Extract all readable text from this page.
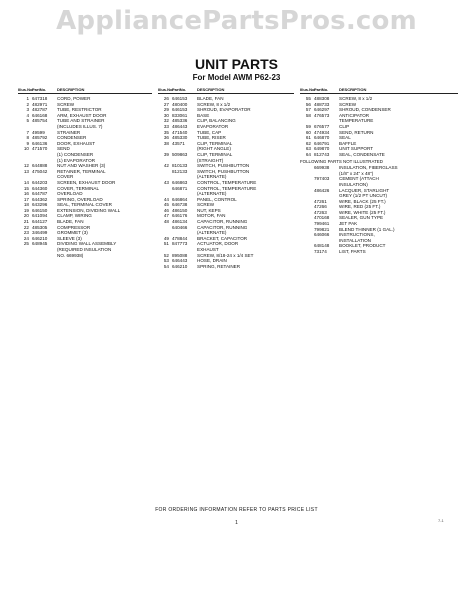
AppliancePartsPros.com
UNIT PARTS
For Model AWM P62-23
Illus.No.
PartNo.	DESCRIPTION
1 647318	CORD, POWER
2 482971	SCREW
3 482787	TUBE, RESTRICTOR
4 646168	ARM, EXHAUST DOOR
5 485754	TUBE AND STRAINER
(INCLUDES ILLUS. 7)
7 49599	STRAINER
8 485792	CONDENSER
9 646136	DOOR, EXHAUST
10 471570	SEND
(1) CONDENSER
(1) EVAPORATOR
12 644888	NUT AND WASHER (3)
13 475042	RETAINER, TERMINAL
COVER
14 644203	SCREEN, EXHAUST DOOR
15 644360	COVER, TERMINAL
16 644787	OVERLOAD
17 644362	SPRING, OVERLOAD
18 643296	SEAL, TERMINAL COVER
19 646150	EXTENSION, DIVIDING WALL
20 641094	CLAMP, WIRING
21 644127	BLADE, FAN
22 485305	COMPRESSOR
23 346499	GROMMET (3)
24 646210	SLEEVE (3)
25 648945	DIVIDING WALL ASSEMBLY
(REQUIRED INSULATION
NO. 669938)
Illus.No.
PartNo.	DESCRIPTION
26 646153	BLADE, FAN
27 480400	SCREW, 8 x 1/2
29 646153	SHROUD, EVAPORATOR
30 833061	BASE
32 485336	CLIP, BALANCING
33 486443	EVAPORATOR
35 471540	TUBE, CAP
36 485330	TUBE, RISER
38 43571	CLIP, TERMINAL
(RIGHT ANGLE)
39 509863	CLIP, TERMINAL
(STRAIGHT)
42 810133	SWITCH, PUSHBUTTON
812133	SWITCH, PUSHBUTTON
(ALTERNATE)
43 646863	CONTROL, TEMPERATURE
646871	CONTROL, TEMPERATURE
(ALTERNATE)
44 646864	PANEL, CONTROL
45 646738	SCREW
46 486150	NUT, KEPS
47 646176	MOTOR, FAN
48 486134	CAPACITOR, RUNNING
640466	CAPACITOR, RUNNING
(ALTERNATE)
49 478844	BRACKET, CAPACITOR
51 847773	ACTUATOR, DOOR
EXHAUST
52 895088	SCREW, 8/18-24 x 1/4 SET
53 646443	HOSE, DRAIN
54 646210	SPRING, RETAINER
Illus.No.
PartNo.	DESCRIPTION
55 488308	SCREW, 8 x 1/2
56 488733	SCREW
57 646297	SHROUD, CONDENSER
58 476573	ANTICIPATOR
TEMPERATURE
59 676577	CLIP
60 474934	SEND, RETURN
61 646870	SEAL
62 646791	BAFFLE
63 649870	UNIT SUPPORT
64 812743	SEAL, CONDENSATE
FOLLOWING PARTS NOT ILLUSTRATED
669938	INSULATION, FIBERGLASS
(1/8" x 24" x 48")
797403	CEMENT (ATTACH
INSULATION)
486426	LACQUER, STARLIGHT
GREY (1/2 PT UNCUT)
47261	WIRE, BLACK (25 FT.)
47266	WIRE, RED (25 FT.)
47263	WIRE, WHITE (25 FT.)
470168	SEALER, GUN TYPE
799461	JET PAK
799821	BLEND THINNER (1 GAL.)
646066	INSTRUCTIONS,
INSTALLATION
648148	BOOKLET, PRODUCT
73174	LIST, PARTS
FOR ORDERING INFORMATION REFER TO PARTS PRICE LIST
1	7-1
